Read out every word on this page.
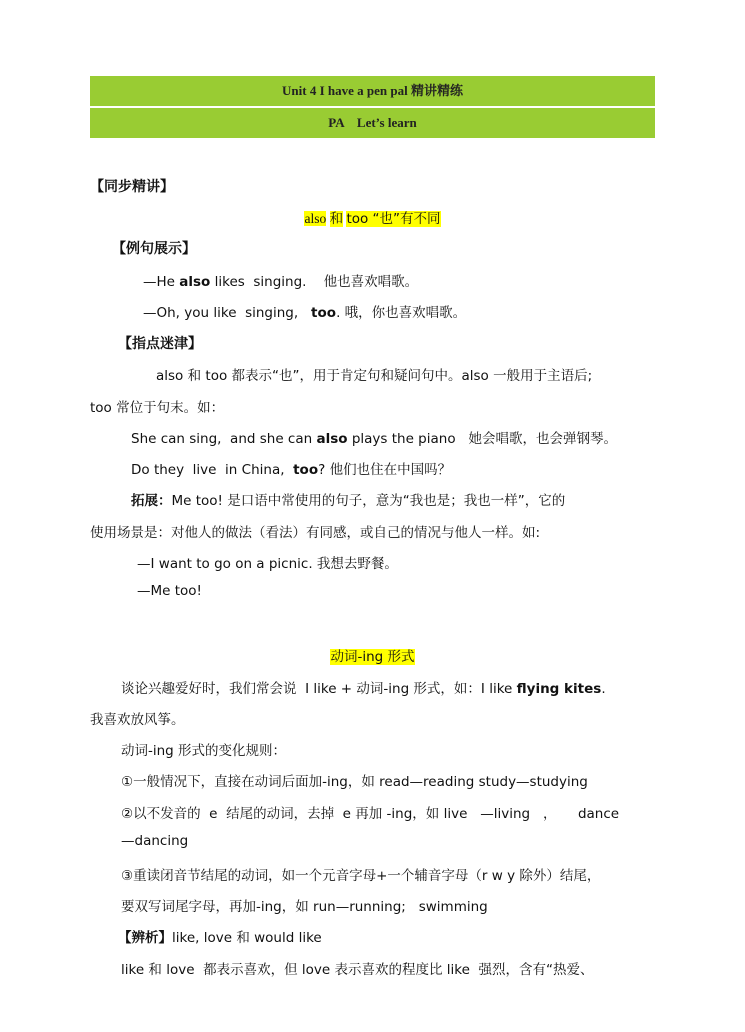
Unit 4 I have a pen pal 精讲精练
PA    Let’s learn
【同步精讲】
also 和 too “也”有不同
【例句展示】
—He also likes  singing.    他也喜欢唱歌。
—Oh, you like  singing,   too. 哦，你也喜欢唱歌。
【指点迷津】
also 和 too 都表示“也”，用于肯定句和疑问句中。also 一般用于主语后;
too 常位于句末。如：
She can sing,  and she can also plays the piano   她会唱歌，也会弹钢琴。
Do they  live  in China,  too? 他们也住在中国吗？
拓展：Me too! 是口语中常使用的句子，意为“我也是；我也一样”，它的
使用场景是：对他人的做法（看法）有同感，或自己的情况与他人一样。如:
—I want to go on a picnic. 我想去野餐。
—Me too!
动词-ing 形式
谈论兴趣爱好时，我们常会说  I like + 动词-ing 形式，如：I like flying kites.
我喜欢放风筝。
动词-ing 形式的变化规则：
①一般情况下，直接在动词后面加-ing，如 read—reading study—studying
②以不发音的  e  结尾的动词，去掉  e 再加 -ing，如 live   —living   ，     dance
—dancing
③重读闭音节结尾的动词，如一个元音字母+一个辅音字母（r w y 除外）结尾，
要双写词尾字母，再加-ing，如 run—running;   swimming
【辨析】like, love 和 would like
like 和 love  都表示喜欢，但 love 表示喜欢的程度比 like  强烈，含有“热爱、
